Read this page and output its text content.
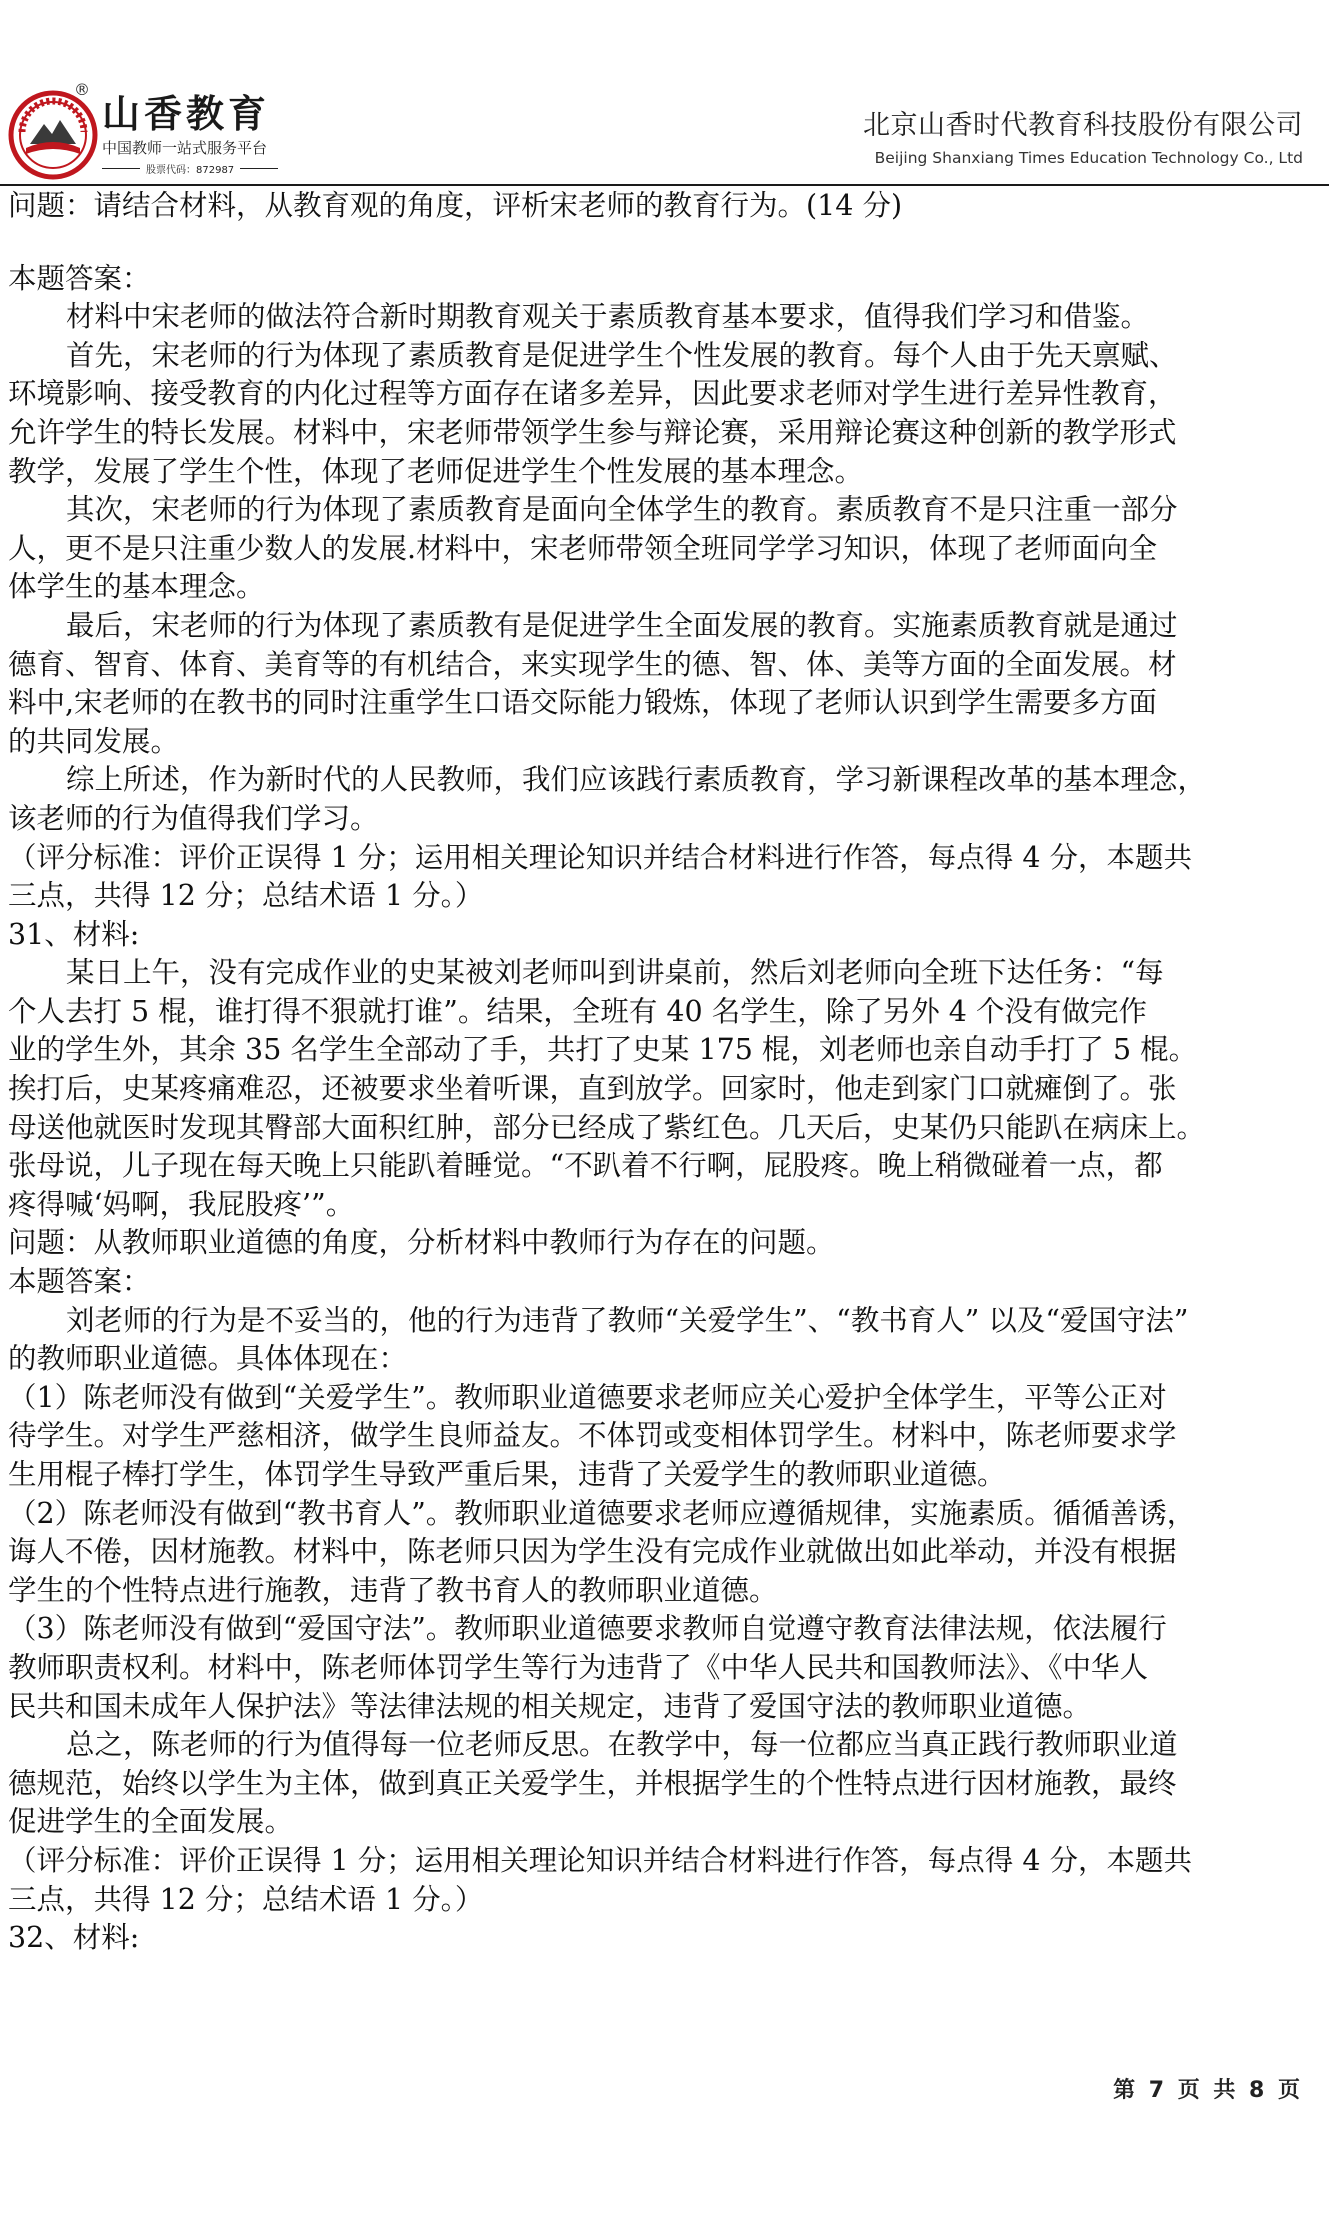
®
山香教育
中国教师一站式服务平台
股票代码：872987
北京山香时代教育科技股份有限公司
Beijing Shanxiang Times Education Technology Co., Ltd
问题：请结合材料，从教育观的角度，评析宋老师的教育行为。(14 分)
本题答案：
材料中宋老师的做法符合新时期教育观关于素质教育基本要求，值得我们学习和借鉴。
首先，宋老师的行为体现了素质教育是促进学生个性发展的教育。每个人由于先天禀赋、
环境影响、接受教育的内化过程等方面存在诸多差异，因此要求老师对学生进行差异性教育，
允许学生的特长发展。材料中，宋老师带领学生参与辩论赛，采用辩论赛这种创新的教学形式
教学，发展了学生个性，体现了老师促进学生个性发展的基本理念。
其次，宋老师的行为体现了素质教育是面向全体学生的教育。素质教育不是只注重一部分
人，更不是只注重少数人的发展.材料中，宋老师带领全班同学学习知识，体现了老师面向全
体学生的基本理念。
最后，宋老师的行为体现了素质教有是促进学生全面发展的教育。实施素质教育就是通过
德育、智育、体育、美育等的有机结合，来实现学生的德、智、体、美等方面的全面发展。材
料中,宋老师的在教书的同时注重学生口语交际能力锻炼，体现了老师认识到学生需要多方面
的共同发展。
综上所述，作为新时代的人民教师，我们应该践行素质教育，学习新课程改革的基本理念，
该老师的行为值得我们学习。
（评分标准：评价正误得 1 分；运用相关理论知识并结合材料进行作答，每点得 4 分，本题共
三点，共得 12 分；总结术语 1 分。）
31、材料:
某日上午，没有完成作业的史某被刘老师叫到讲桌前，然后刘老师向全班下达任务：“每
个人去打 5 棍，谁打得不狠就打谁”。结果，全班有 40 名学生，除了另外 4 个没有做完作
业的学生外，其余 35 名学生全部动了手，共打了史某 175 棍，刘老师也亲自动手打了 5 棍。
挨打后，史某疼痛难忍，还被要求坐着听课，直到放学。回家时，他走到家门口就瘫倒了。张
母送他就医时发现其臀部大面积红肿，部分已经成了紫红色。几天后，史某仍只能趴在病床上。
张母说，儿子现在每天晚上只能趴着睡觉。“不趴着不行啊，屁股疼。晚上稍微碰着一点，都
疼得喊‘妈啊，我屁股疼’”。
问题：从教师职业道德的角度，分析材料中教师行为存在的问题。
本题答案：
刘老师的行为是不妥当的，他的行为违背了教师“关爱学生”、“教书育人” 以及“爱国守法”
的教师职业道德。具体体现在：
（1）陈老师没有做到“关爱学生”。教师职业道德要求老师应关心爱护全体学生，平等公正对
待学生。对学生严慈相济，做学生良师益友。不体罚或变相体罚学生。材料中，陈老师要求学
生用棍子棒打学生，体罚学生导致严重后果，违背了关爱学生的教师职业道德。
（2）陈老师没有做到“教书育人”。教师职业道德要求老师应遵循规律，实施素质。循循善诱，
诲人不倦，因材施教。材料中，陈老师只因为学生没有完成作业就做出如此举动，并没有根据
学生的个性特点进行施教，违背了教书育人的教师职业道德。
（3）陈老师没有做到“爱国守法”。教师职业道德要求教师自觉遵守教育法律法规，依法履行
教师职责权利。材料中，陈老师体罚学生等行为违背了《中华人民共和国教师法》、《中华人
民共和国未成年人保护法》等法律法规的相关规定，违背了爱国守法的教师职业道德。
总之，陈老师的行为值得每一位老师反思。在教学中，每一位都应当真正践行教师职业道
德规范，始终以学生为主体，做到真正关爱学生，并根据学生的个性特点进行因材施教，最终
促进学生的全面发展。
（评分标准：评价正误得 1 分；运用相关理论知识并结合材料进行作答，每点得 4 分，本题共
三点，共得 12 分；总结术语 1 分。）
32、材料:
第 7 页 共 8 页
